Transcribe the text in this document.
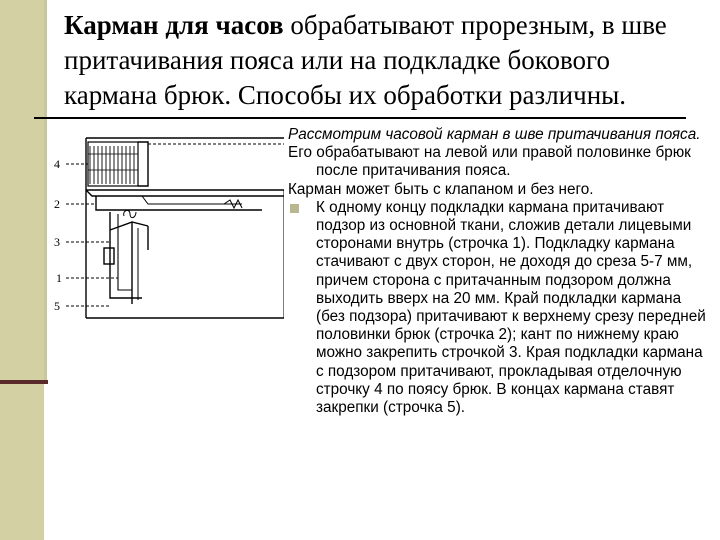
Карман для часов обрабатывают прорезным, в шве притачивания пояса или на подкладке бокового кармана брюк. Способы их обработки различны.

4
2
3
1
5

Рассмотрим часовой карман в шве притачивания пояса.

Его обрабатывают на левой или правой половинке брюк после притачивания пояса.

Карман может быть с клапаном и без него.

К одному концу подкладки кармана притачивают подзор из основной ткани, сложив детали лицевыми сторонами внутрь (строчка 1). Подкладку кармана стачивают с двух сторон, не доходя до среза 5-7 мм, причем сторона с притачанным подзором должна выходить вверх на 20 мм. Край подкладки кармана (без подзора) притачивают к верхнему срезу передней половинки брюк (строчка 2); кант по нижнему краю можно закрепить строчкой 3. Края подкладки кармана с подзором притачивают, прокладывая отделочную строчку 4 по поясу брюк. В концах кармана ставят закрепки (строчка 5).
